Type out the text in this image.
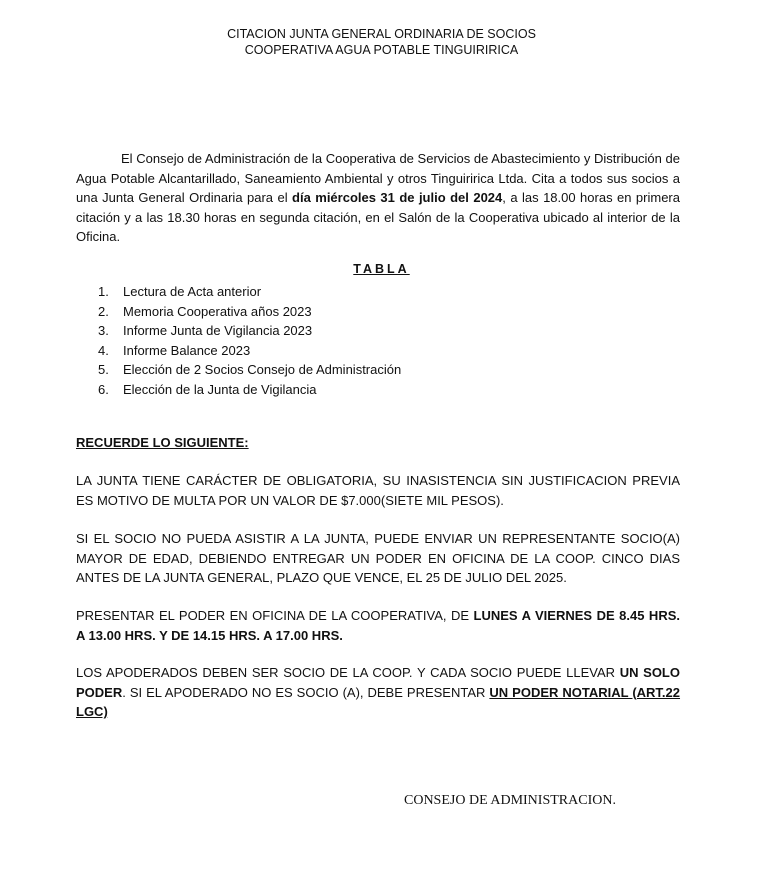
CITACION JUNTA GENERAL ORDINARIA DE SOCIOS
COOPERATIVA AGUA POTABLE TINGUIRIRICA
El Consejo de Administración de la Cooperativa de Servicios de Abastecimiento y Distribución de Agua Potable Alcantarillado, Saneamiento Ambiental y otros Tinguiririca Ltda. Cita a todos sus socios a una Junta General Ordinaria para el día miércoles 31 de julio del 2024, a las 18.00 horas en primera citación y a las 18.30 horas en segunda citación, en el Salón de la Cooperativa ubicado al interior de la Oficina.
TABLA
1. Lectura de Acta anterior
2. Memoria Cooperativa años 2023
3. Informe Junta de Vigilancia 2023
4. Informe Balance 2023
5. Elección de 2 Socios Consejo de Administración
6. Elección de la Junta de Vigilancia
RECUERDE LO SIGUIENTE:
LA JUNTA TIENE CARÁCTER DE OBLIGATORIA, SU INASISTENCIA SIN JUSTIFICACION PREVIA ES MOTIVO DE MULTA POR UN VALOR DE $7.000(SIETE MIL PESOS).
SI EL SOCIO NO PUEDA ASISTIR A LA JUNTA, PUEDE ENVIAR UN REPRESENTANTE SOCIO(A) MAYOR DE EDAD, DEBIENDO ENTREGAR UN PODER EN OFICINA DE LA COOP. CINCO DIAS ANTES DE LA JUNTA GENERAL, PLAZO QUE VENCE, EL 25 DE JULIO DEL 2025.
PRESENTAR EL PODER EN OFICINA DE LA COOPERATIVA, DE LUNES A VIERNES DE 8.45 HRS. A 13.00 HRS. Y DE 14.15 HRS. A 17.00 HRS.
LOS APODERADOS DEBEN SER SOCIO DE LA COOP. Y CADA SOCIO PUEDE LLEVAR UN SOLO PODER. SI EL APODERADO NO ES SOCIO (A), DEBE PRESENTAR UN PODER NOTARIAL (ART.22 LGC)
CONSEJO DE ADMINISTRACION.
